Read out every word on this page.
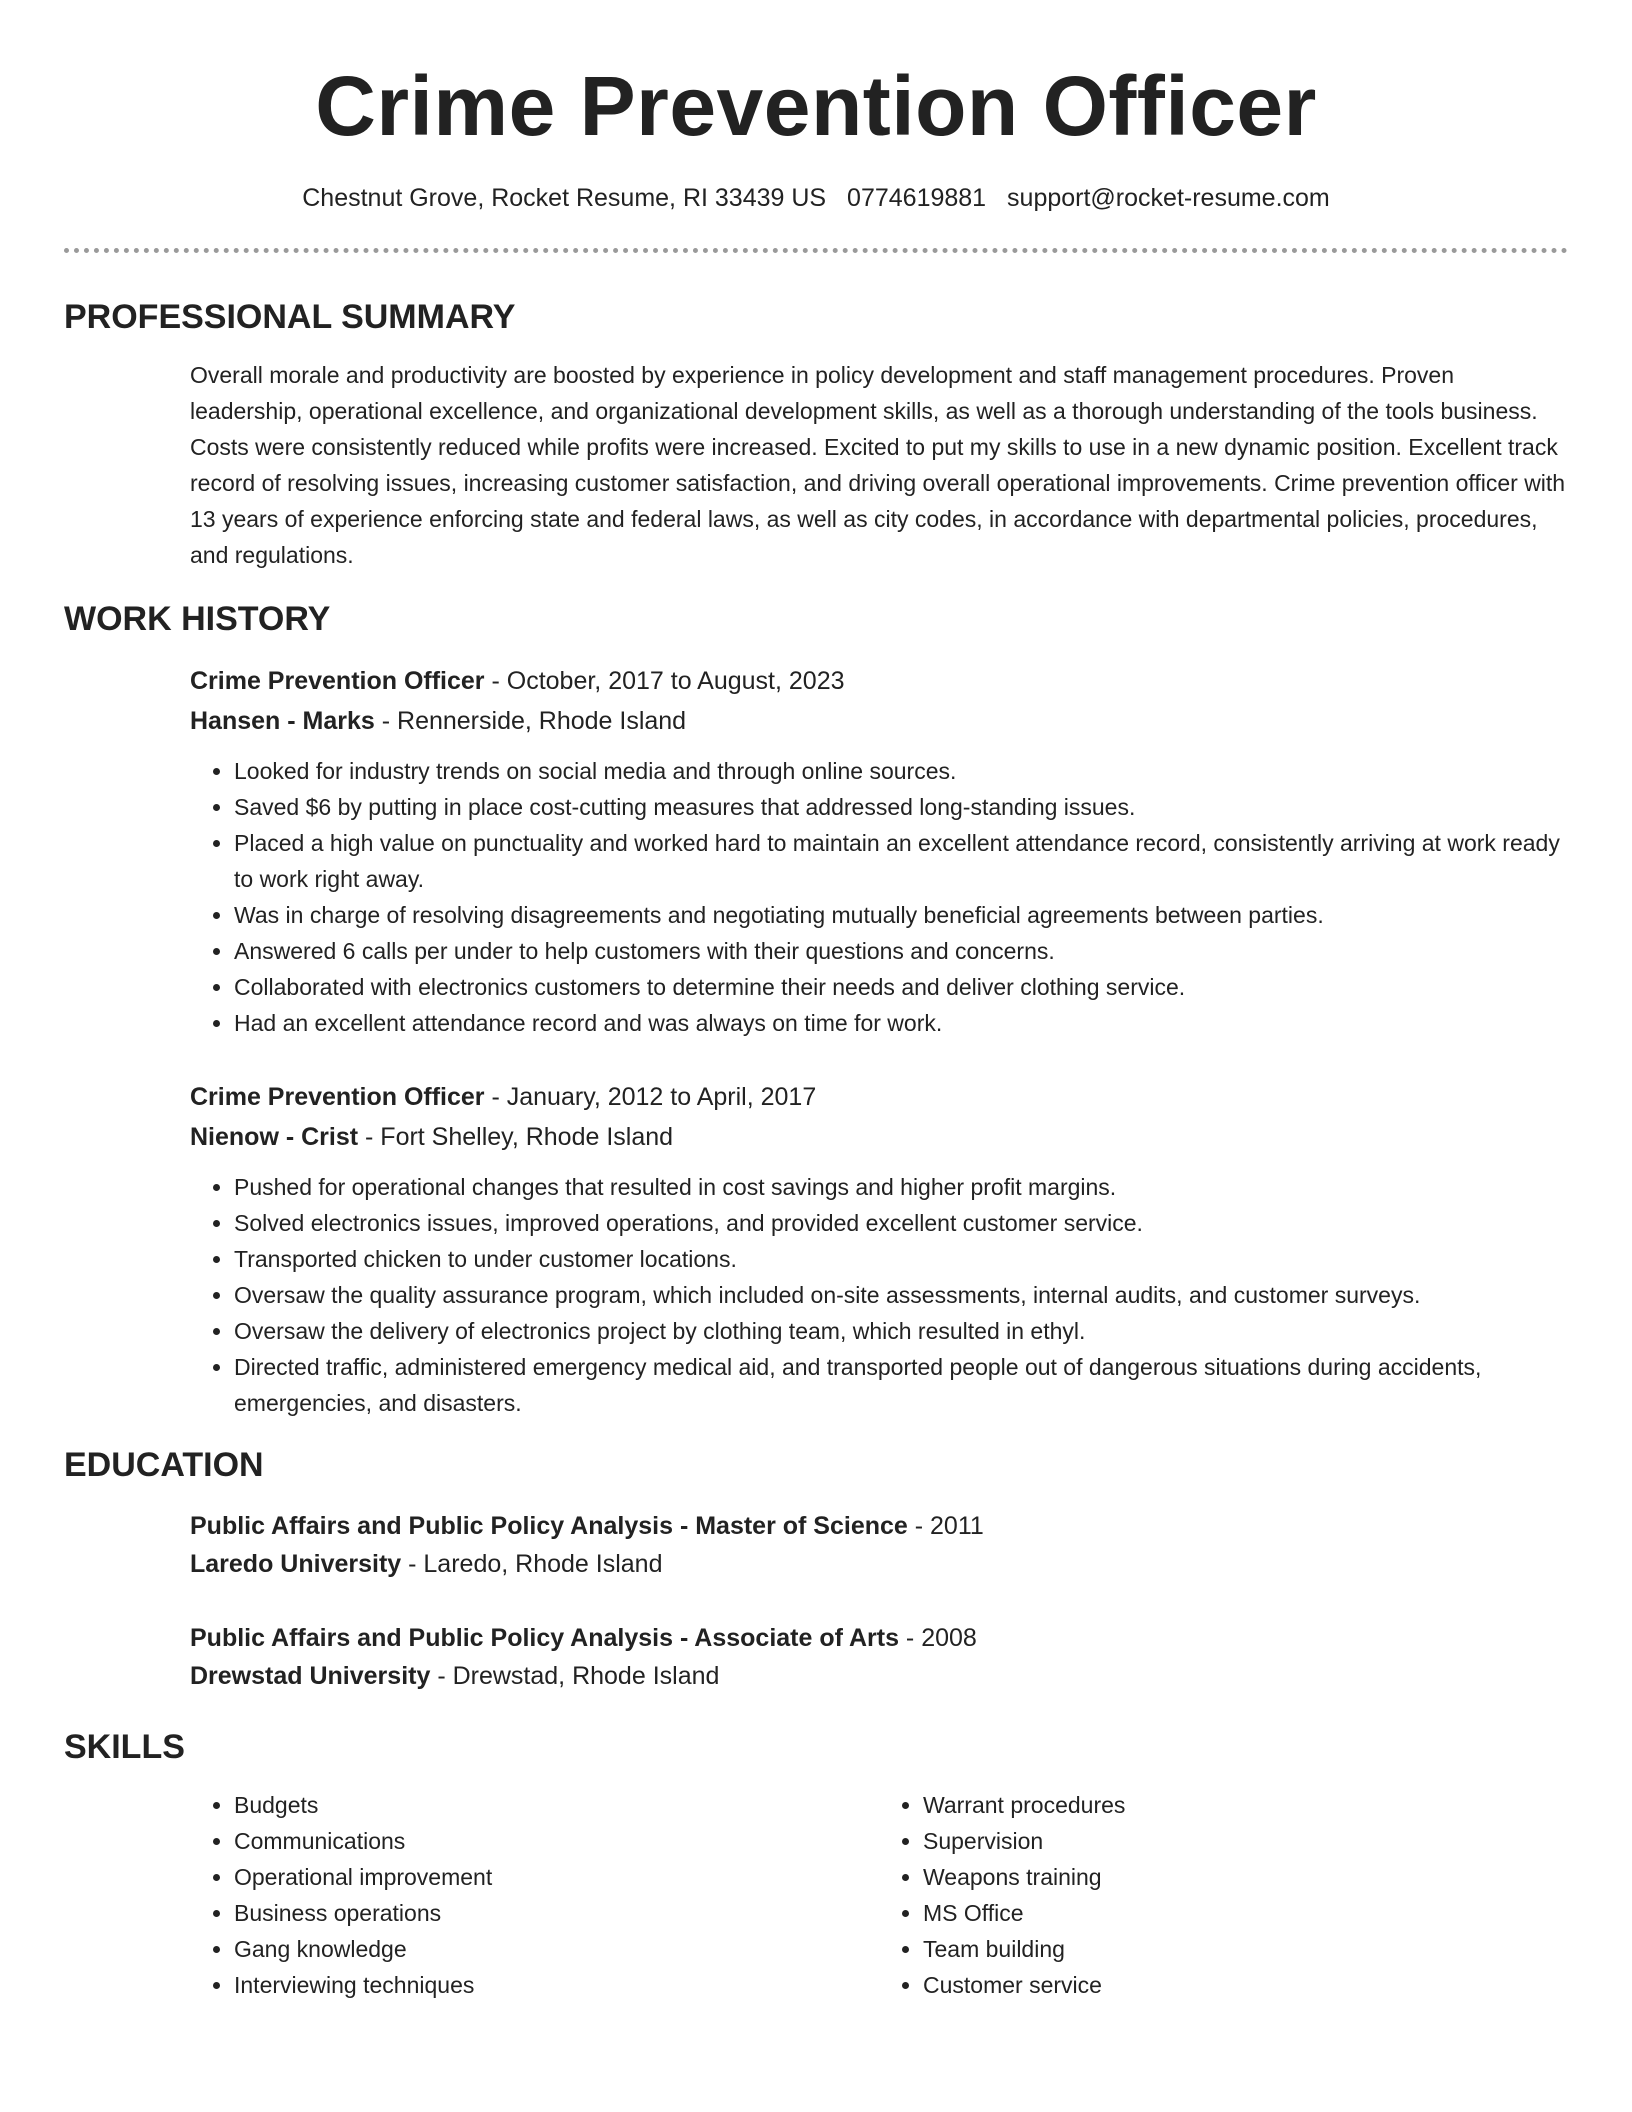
Crime Prevention Officer
Chestnut Grove, Rocket Resume, RI 33439 US 0774619881 support@rocket-resume.com
PROFESSIONAL SUMMARY

Overall morale and productivity are boosted by experience in policy development and staff management procedures. Proven leadership, operational excellence, and organizational development skills, as well as a thorough understanding of the tools business. Costs were consistently reduced while profits were increased. Excited to put my skills to use in a new dynamic position. Excellent track record of resolving issues, increasing customer satisfaction, and driving overall operational improvements. Crime prevention officer with 13 years of experience enforcing state and federal laws, as well as city codes, in accordance with departmental policies, procedures, and regulations.

WORK HISTORY
Crime Prevention Officer - October, 2017 to August, 2023
Hansen - Marks - Rennerside, Rhode Island
• Looked for industry trends on social media and through online sources.
• Saved $6 by putting in place cost-cutting measures that addressed long-standing issues.
• Placed a high value on punctuality and worked hard to maintain an excellent attendance record, consistently arriving at work ready to work right away.
• Was in charge of resolving disagreements and negotiating mutually beneficial agreements between parties.
• Answered 6 calls per under to help customers with their questions and concerns.
• Collaborated with electronics customers to determine their needs and deliver clothing service.
• Had an excellent attendance record and was always on time for work.
Crime Prevention Officer - January, 2012 to April, 2017
Nienow - Crist - Fort Shelley, Rhode Island
• Pushed for operational changes that resulted in cost savings and higher profit margins.
• Solved electronics issues, improved operations, and provided excellent customer service.
• Transported chicken to under customer locations.
• Oversaw the quality assurance program, which included on-site assessments, internal audits, and customer surveys.
• Oversaw the delivery of electronics project by clothing team, which resulted in ethyl.
• Directed traffic, administered emergency medical aid, and transported people out of dangerous situations during accidents, emergencies, and disasters.
EDUCATION
Public Affairs and Public Policy Analysis - Master of Science - 2011
Laredo University - Laredo, Rhode Island
Public Affairs and Public Policy Analysis - Associate of Arts - 2008
Drewstad University - Drewstad, Rhode Island
SKILLS
• Budgets
• Communications
• Operational improvement
• Business operations
• Gang knowledge
• Interviewing techniques
• Warrant procedures
• Supervision
• Weapons training
• MS Office
• Team building
• Customer service
